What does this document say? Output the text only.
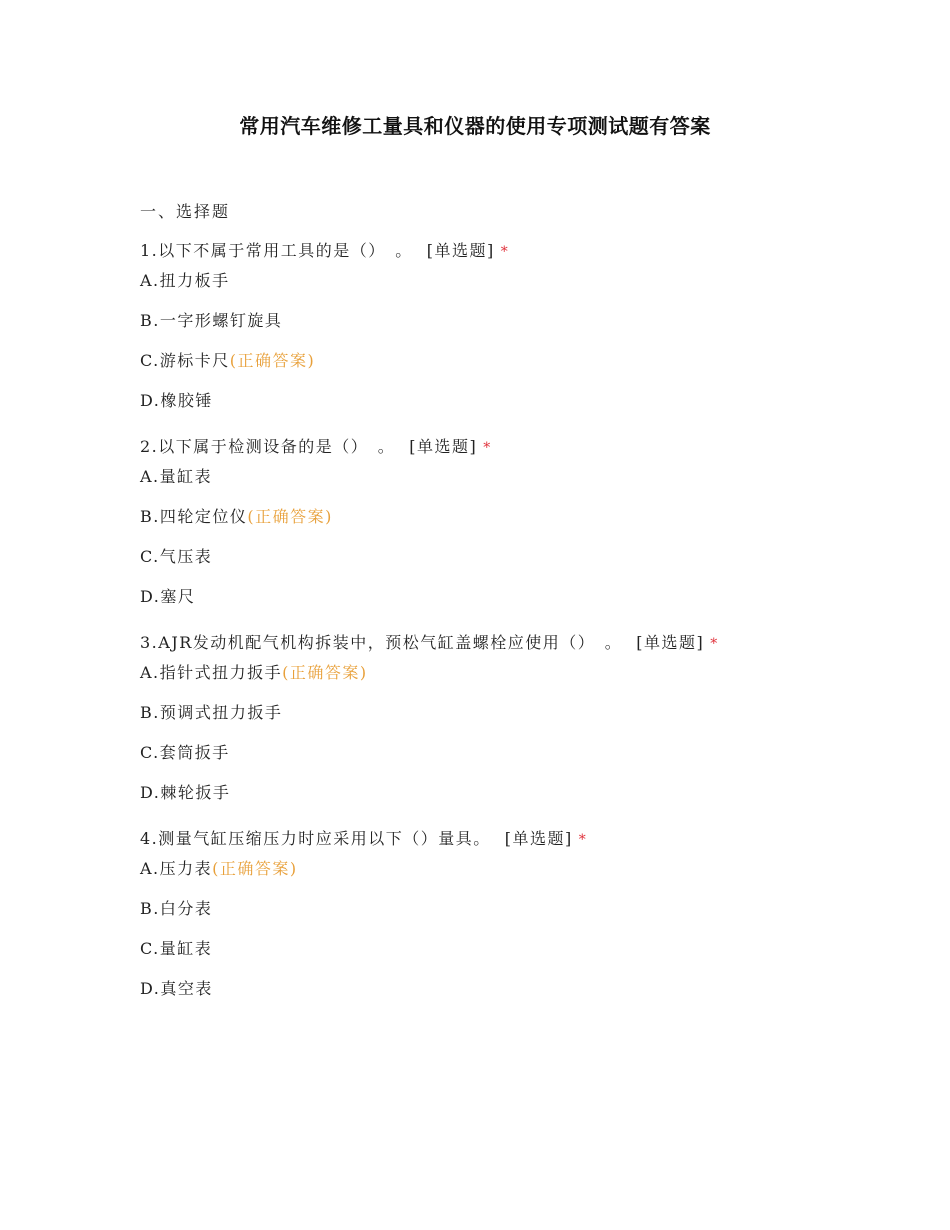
常用汽车维修工量具和仪器的使用专项测试题有答案
一、选择题
1.以下不属于常用工具的是（）　。 [单选题] *
A.扭力板手
B.一字形螺钉旋具
C.游标卡尺(正确答案)
D.橡胶锤
2.以下属于检测设备的是（）　。 [单选题] *
A.量缸表
B.四轮定位仪(正确答案)
C.气压表
D.塞尺
3.AJR发动机配气机构拆装中，预松气缸盖螺栓应使用（）　。 [单选题] *
A.指针式扭力扳手(正确答案)
B.预调式扭力扳手
C.套筒扳手
D.棘轮扳手
4.测量气缸压缩压力时应采用以下（）量具。 [单选题] *
A.压力表(正确答案)
B.白分表
C.量缸表
D.真空表
